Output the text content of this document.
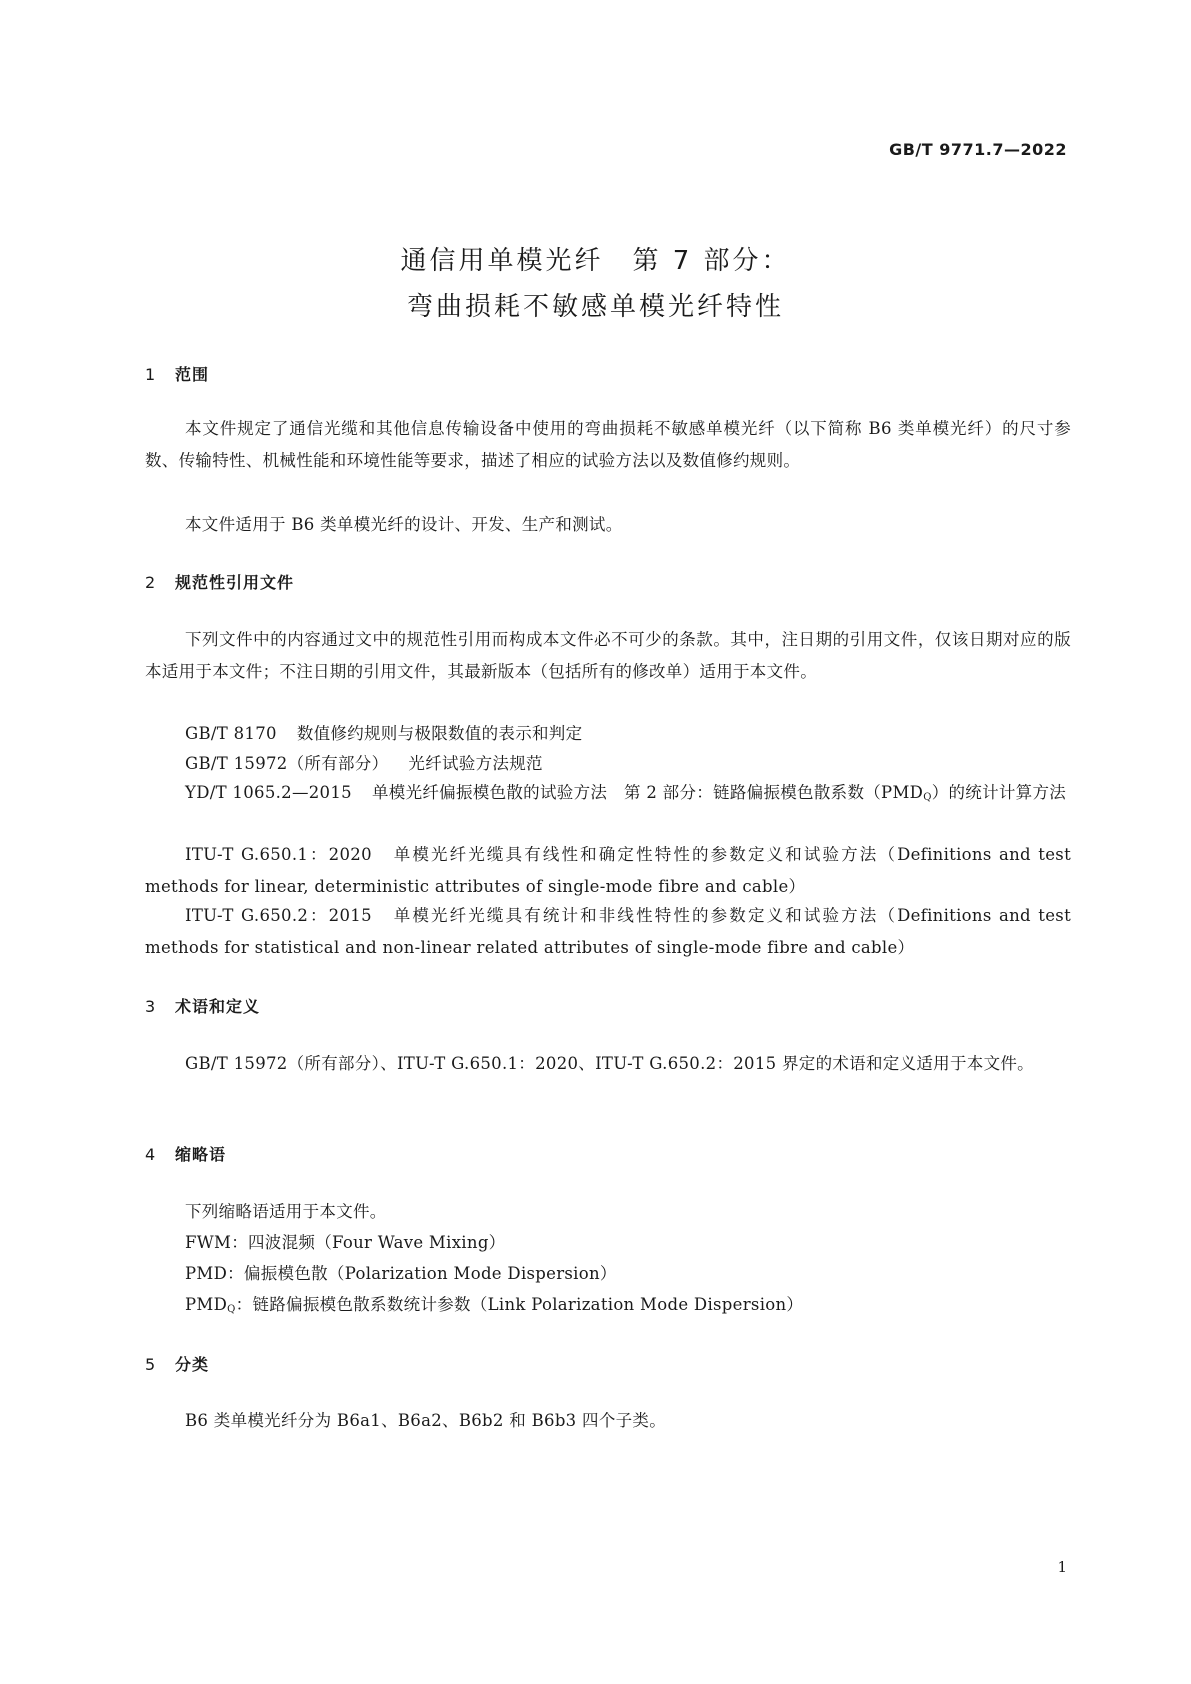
GB/T 9771.7—2022
通信用单模光纤　第 7 部分：
弯曲损耗不敏感单模光纤特性
1 范围
本文件规定了通信光缆和其他信息传输设备中使用的弯曲损耗不敏感单模光纤（以下简称 B6 类单模光纤）的尺寸参数、传输特性、机械性能和环境性能等要求，描述了相应的试验方法以及数值修约规则。
本文件适用于 B6 类单模光纤的设计、开发、生产和测试。
2 规范性引用文件
下列文件中的内容通过文中的规范性引用而构成本文件必不可少的条款。其中，注日期的引用文件，仅该日期对应的版本适用于本文件；不注日期的引用文件，其最新版本（包括所有的修改单）适用于本文件。
GB/T 8170 数值修约规则与极限数值的表示和判定
GB/T 15972（所有部分） 光纤试验方法规范
YD/T 1065.2—2015 单模光纤偏振模色散的试验方法　第 2 部分：链路偏振模色散系数$(PMD_Q)$的统计计算方法
ITU-T G.650.1：2020 单模光纤光缆具有线性和确定性特性的参数定义和试验方法（Definitions and test methods for linear, deterministic attributes of single-mode fibre and cable）
ITU-T G.650.2：2015 单模光纤光缆具有统计和非线性特性的参数定义和试验方法（Definitions and test methods for statistical and non-linear related attributes of single-mode fibre and cable）
3 术语和定义
GB/T 15972（所有部分）、ITU-T G.650.1：2020、ITU-T G.650.2：2015 界定的术语和定义适用于本文件。
4 缩略语
下列缩略语适用于本文件。
FWM：四波混频（Four Wave Mixing）
PMD：偏振模色散（Polarization Mode Dispersion）
$PMD_Q$：链路偏振模色散系数统计参数（Link Polarization Mode Dispersion）
5 分类
B6 类单模光纤分为 B6a1、B6a2、B6b2 和 B6b3 四个子类。
1
